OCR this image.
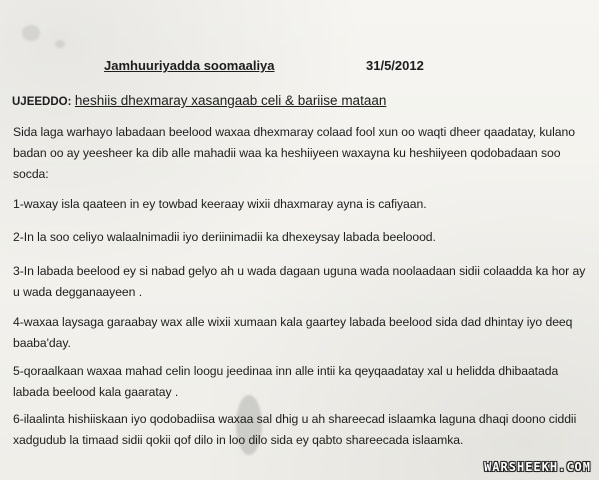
Jamhuuriyadda soomaaliya	31/5/2012
UJEEDDO: heshiis dhexmaray xasangaab celi & bariise mataan
Sida laga warhayo labadaan beelood waxaa dhexmaray colaad fool xun oo waqti dheer qaadatay, kulano badan oo ay yeesheer ka dib alle mahadii waa ka heshiiyeen waxayna ku heshiiyeen qodobadaan soo socda:
1-waxay isla qaateen in ey towbad keeraay wixii dhaxmaray ayna is cafiyaan.
2-In la soo celiyo walaalnimadii iyo deriinimadii ka dhexeysay labada beeloood.
3-In labada beelood ey si nabad gelyo ah u wada dagaan uguna wada noolaadaan sidii colaadda ka hor ay u wada degganaayeen .
4-waxaa laysaga garaabay wax alle wixii xumaan kala gaartey labada beelood sida dad dhintay iyo deeq baaba'day.
5-qoraalkaan waxaa mahad celin loogu jeedinaa inn alle intii ka qeyqaadatay xal u helidda dhibaatada labada beelood kala gaaratay .
6-ilaalinta hishiiskaan iyo qodobadiisa waxaa sal dhig u ah shareecad islaamka laguna dhaqi doono ciddii xadgudub la timaad sidii qokii qof dilo in loo dilo sida ey qabto shareecada islaamka.
WARSHEEKH.COM
